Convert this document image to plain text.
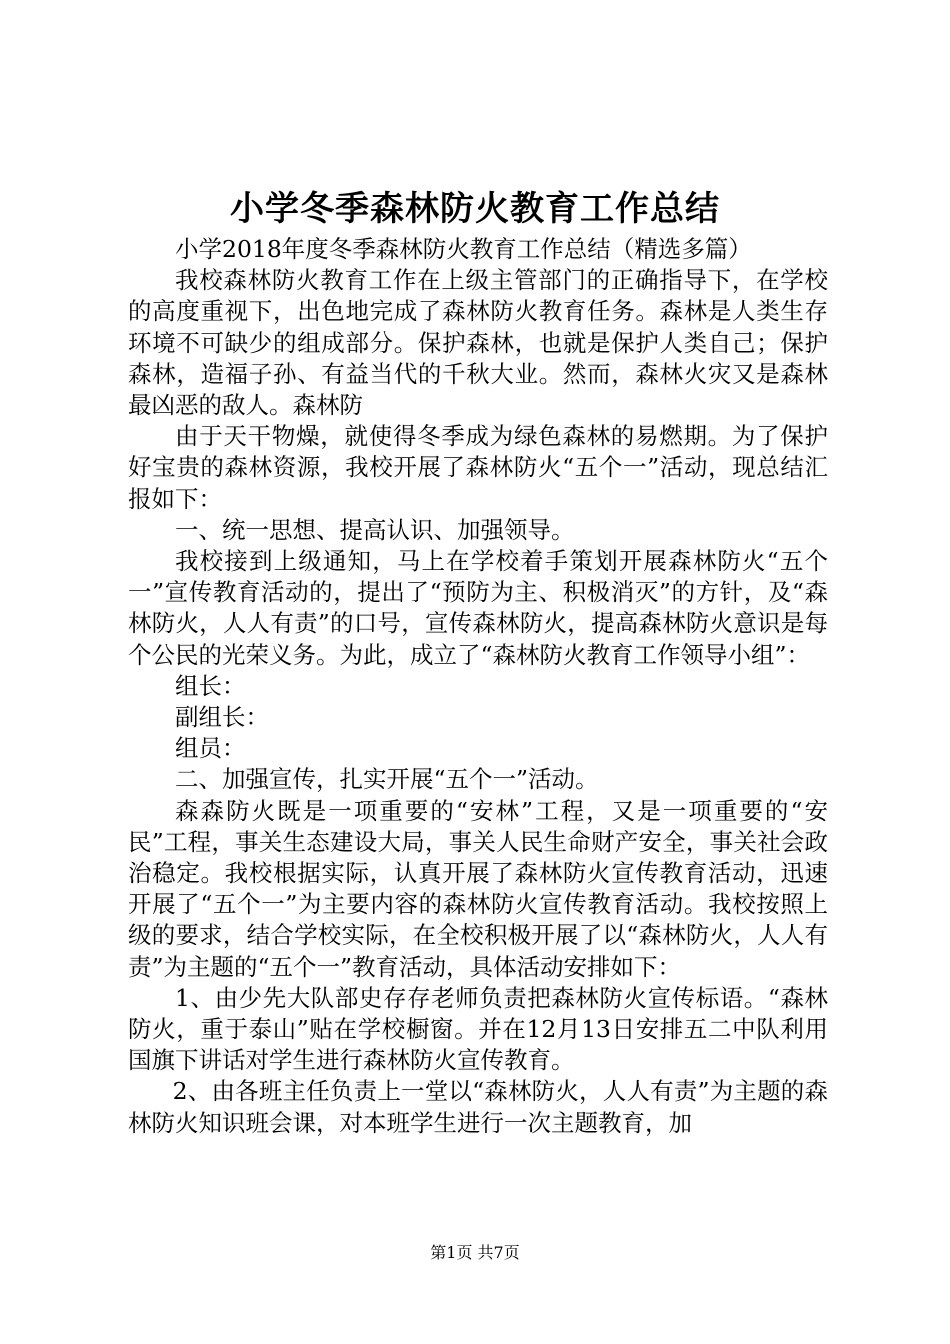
小学冬季森林防火教育工作总结

小学2018年度冬季森林防火教育工作总结（精选多篇）

我校森林防火教育工作在上级主管部门的正确指导下，在学校的高度重视下，出色地完成了森林防火教育任务。森林是人类生存环境不可缺少的组成部分。保护森林，也就是保护人类自己；保护森林，造福子孙、有益当代的千秋大业。然而，森林火灾又是森林最凶恶的敌人。森林防

由于天干物燥，就使得冬季成为绿色森林的易燃期。为了保护好宝贵的森林资源，我校开展了森林防火“五个一”活动，现总结汇报如下：

一、统一思想、提高认识、加强领导。

我校接到上级通知，马上在学校着手策划开展森林防火“五个一”宣传教育活动的，提出了“预防为主、积极消灭”的方针，及“森林防火，人人有责”的口号，宣传森林防火，提高森林防火意识是每个公民的光荣义务。为此，成立了“森林防火教育工作领导小组”：

组长：

副组长：

组员：

二、加强宣传，扎实开展“五个一”活动。

森森防火既是一项重要的“安林”工程，又是一项重要的“安民”工程，事关生态建设大局，事关人民生命财产安全，事关社会政治稳定。我校根据实际，认真开展了森林防火宣传教育活动，迅速开展了“五个一”为主要内容的森林防火宣传教育活动。我校按照上级的要求，结合学校实际，在全校积极开展了以“森林防火，人人有责”为主题的“五个一”教育活动，具体活动安排如下：

1、由少先大队部史存存老师负责把森林防火宣传标语。“森林防火，重于泰山”贴在学校橱窗。并在12月13日安排五二中队利用国旗下讲话对学生进行森林防火宣传教育。

2、由各班主任负责上一堂以“森林防火，人人有责”为主题的森林防火知识班会课，对本班学生进行一次主题教育，加

第1页 共7页
